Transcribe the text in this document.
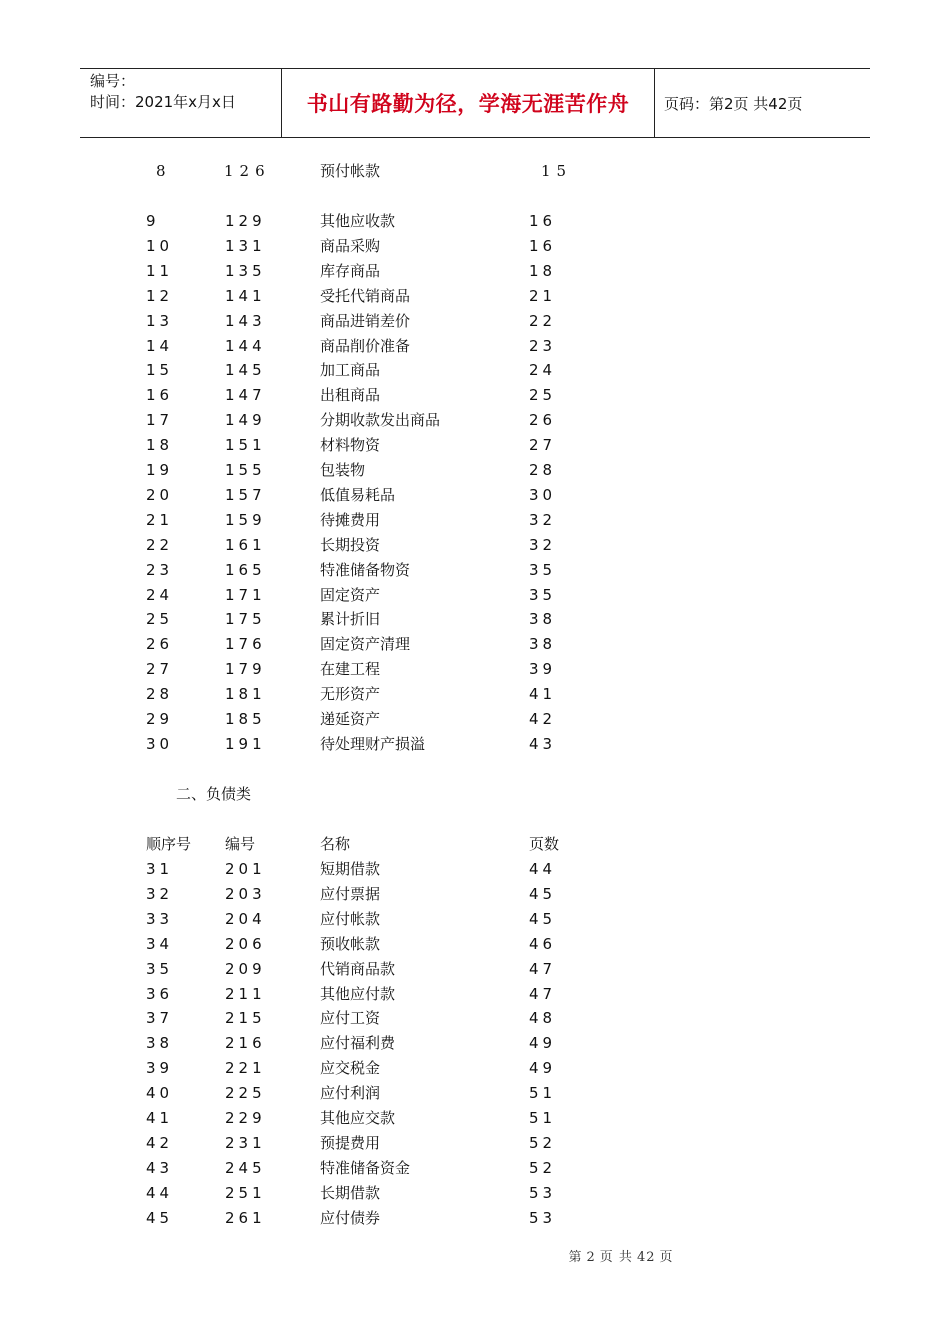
编号：
时间：2021年x月x日	书山有路勤为径，学海无涯苦作舟	页码：第2页 共42页
8	126	预付帐款	15
9	129	其他应收款	16
10	131	商品采购	16
11	135	库存商品	18
12	141	受托代销商品	21
13	143	商品进销差价	22
14	144	商品削价准备	23
15	145	加工商品	24
16	147	出租商品	25
17	149	分期收款发出商品	26
18	151	材料物资	27
19	155	包装物	28
20	157	低值易耗品	30
21	159	待摊费用	32
22	161	长期投资	32
23	165	特准储备物资	35
24	171	固定资产	35
25	175	累计折旧	38
26	176	固定资产清理	38
27	179	在建工程	39
28	181	无形资产	41
29	185	递延资产	42
30	191	待处理财产损溢	43
二、负债类
顺序号 编号	名称	页数
31	201	短期借款	44
32	203	应付票据	45
33	204	应付帐款	45
34	206	预收帐款	46
35	209	代销商品款	47
36	211	其他应付款	47
37	215	应付工资	48
38	216	应付福利费	49
39	221	应交税金	49
40	225	应付利润	51
41	229	其他应交款	51
42	231	预提费用	52
43	245	特准储备资金	52
44	251	长期借款	53
45	261	应付债券	53
第 2 页 共 42 页
